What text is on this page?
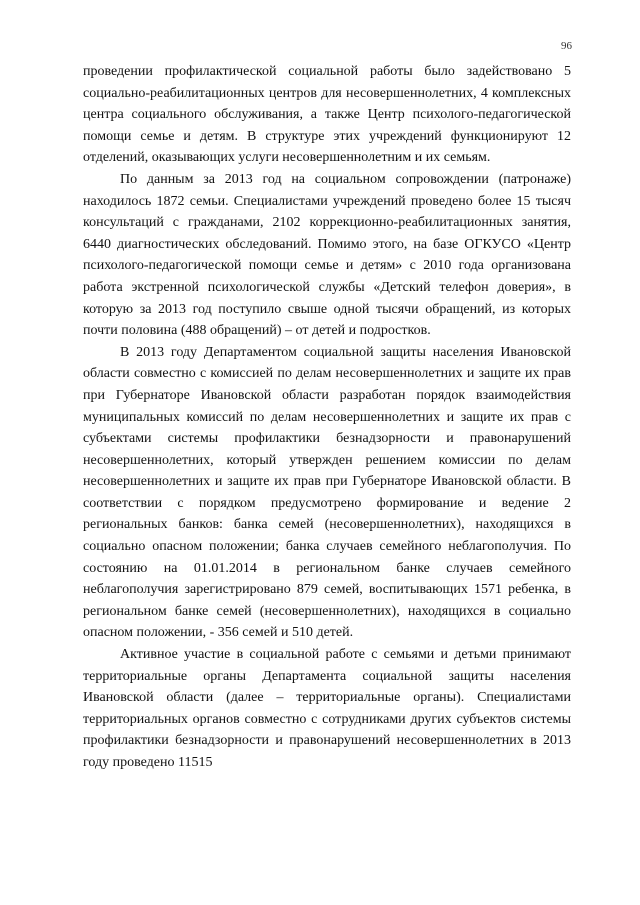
96

проведении профилактической социальной работы было задействовано 5 социально-реабилитационных центров для несовершеннолетних, 4 комплексных центра социального обслуживания, а также Центр психолого-педагогической помощи семье и детям. В структуре этих учреждений функционируют 12 отделений, оказывающих услуги несовершеннолетним и их семьям.

По данным за 2013 год на социальном сопровождении (патронаже) находилось 1872 семьи. Специалистами учреждений проведено более 15 тысяч консультаций с гражданами, 2102 коррекционно-реабилитационных занятия, 6440 диагностических обследований. Помимо этого, на базе ОГКУСО «Центр психолого-педагогической помощи семье и детям» с 2010 года организована работа экстренной психологической службы «Детский телефон доверия», в которую за 2013 год поступило свыше одной тысячи обращений, из которых почти половина (488 обращений) – от детей и подростков.

В 2013 году Департаментом социальной защиты населения Ивановской области совместно с комиссией по делам несовершеннолетних и защите их прав при Губернаторе Ивановской области разработан порядок взаимодействия муниципальных комиссий по делам несовершеннолетних и защите их прав с субъектами системы профилактики безнадзорности и правонарушений несовершеннолетних, который утвержден решением комиссии по делам несовершеннолетних и защите их прав при Губернаторе Ивановской области. В соответствии с порядком предусмотрено формирование и ведение 2 региональных банков: банка семей (несовершеннолетних), находящихся в социально опасном положении; банка случаев семейного неблагополучия. По состоянию на 01.01.2014 в региональном банке случаев семейного неблагополучия зарегистрировано 879 семей, воспитывающих 1571 ребенка, в региональном банке семей (несовершеннолетних), находящихся в социально опасном положении, - 356 семей и 510 детей.

Активное участие в социальной работе с семьями и детьми принимают территориальные органы Департамента социальной защиты населения Ивановской области (далее – территориальные органы). Специалистами территориальных органов совместно с сотрудниками других субъектов системы профилактики безнадзорности и правонарушений несовершеннолетних в 2013 году проведено 11515
